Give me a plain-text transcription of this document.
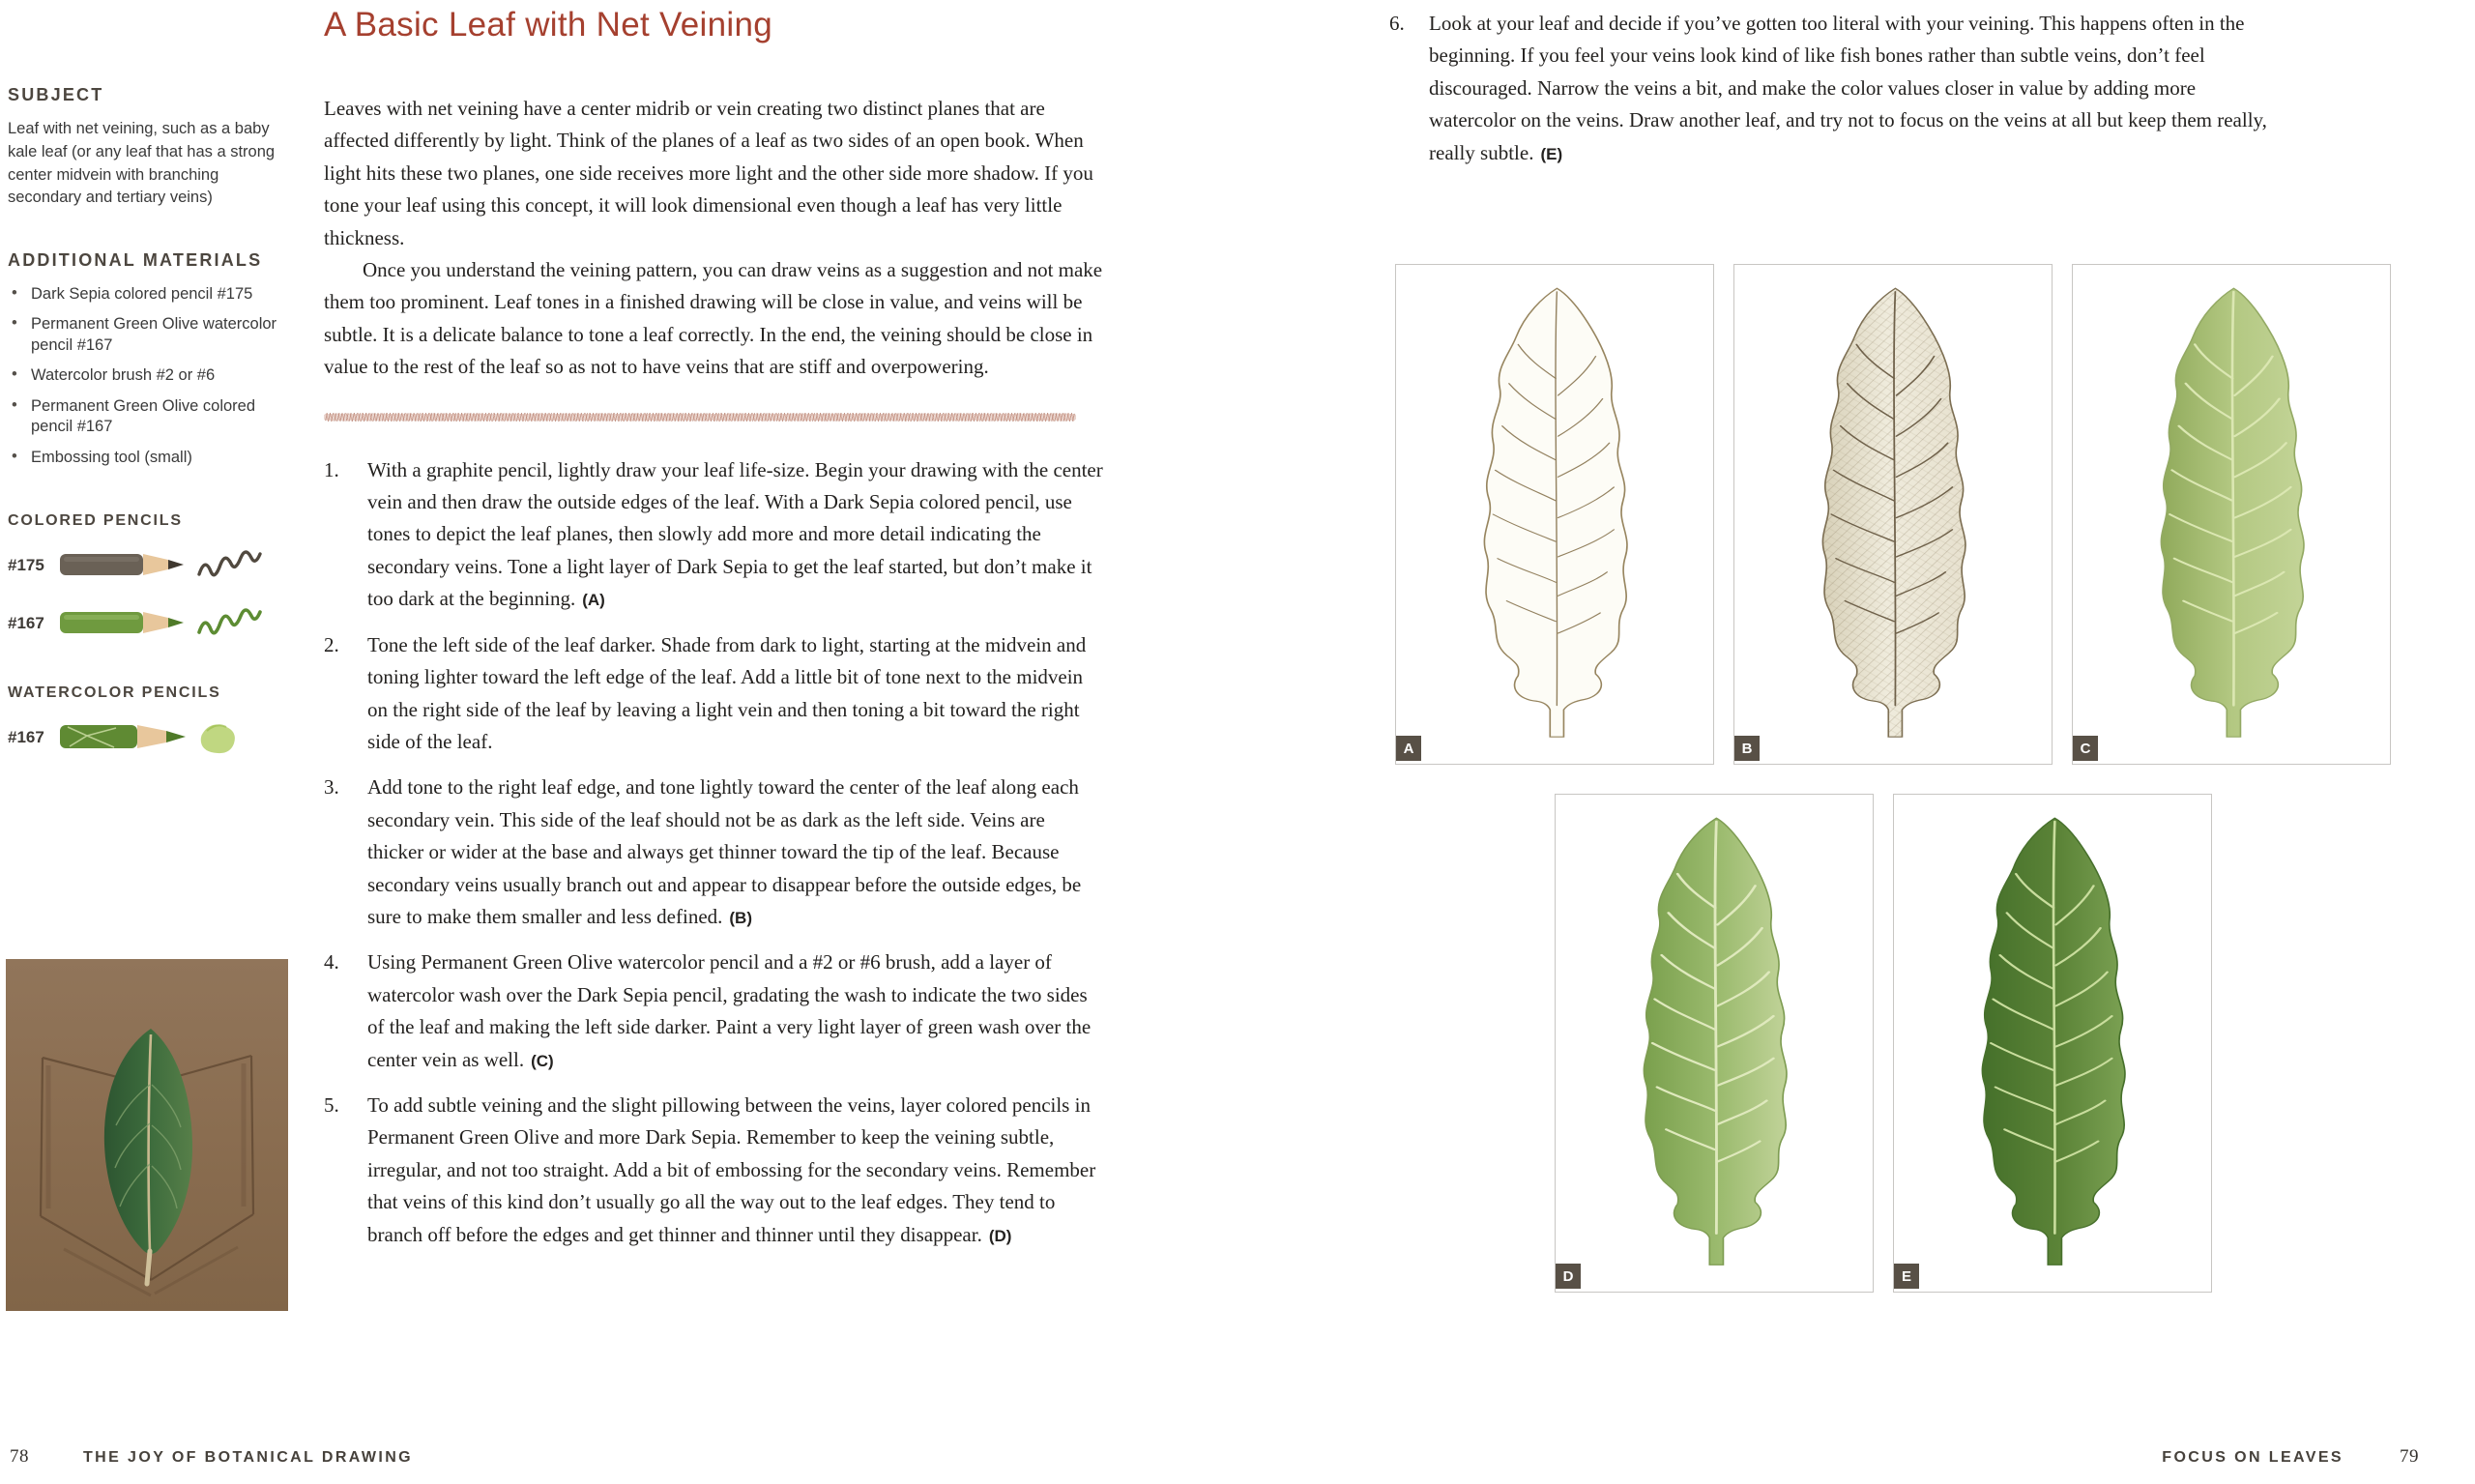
SUBJECT

Leaf with net veining, such as a baby kale leaf (or any leaf that has a strong center midvein with branching secondary and tertiary veins)

ADDITIONAL MATERIALS
• Dark Sepia colored pencil #175
• Permanent Green Olive watercolor pencil #167
• Watercolor brush #2 or #6
• Permanent Green Olive colored pencil #167
• Embossing tool (small)
COLORED PENCILS
#175
#167
WATERCOLOR PENCILS
#167
A Basic Leaf with Net Veining

Leaves with net veining have a center midrib or vein creating two distinct planes that are affected differently by light. Think of the planes of a leaf as two sides of an open book. When light hits these two planes, one side receives more light and the other side more shadow. If you tone your leaf using this concept, it will look dimensional even though a leaf has very little thickness.

Once you understand the veining pattern, you can draw veins as a suggestion and not make them too prominent. Leaf tones in a finished drawing will be close in value, and veins will be subtle. It is a delicate balance to tone a leaf correctly. In the end, the veining should be close in value to the rest of the leaf so as not to have veins that are stiff and overpowering.

1. With a graphite pencil, lightly draw your leaf life-size. Begin your drawing with the center vein and then draw the outside edges of the leaf. With a Dark Sepia colored pencil, use tones to depict the leaf planes, then slowly add more and more detail indicating the secondary veins. Tone a light layer of Dark Sepia to get the leaf started, but don’t make it too dark at the beginning. (A)
2. Tone the left side of the leaf darker. Shade from dark to light, starting at the midvein and toning lighter toward the left edge of the leaf. Add a little bit of tone next to the midvein on the right side of the leaf by leaving a light vein and then toning a bit toward the right side of the leaf.
3. Add tone to the right leaf edge, and tone lightly toward the center of the leaf along each secondary vein. This side of the leaf should not be as dark as the left side. Veins are thicker or wider at the base and always get thinner toward the tip of the leaf. Because secondary veins usually branch out and appear to disappear before the outside edges, be sure to make them smaller and less defined. (B)
4. Using Permanent Green Olive watercolor pencil and a #2 or #6 brush, add a layer of watercolor wash over the Dark Sepia pencil, gradating the wash to indicate the two sides of the leaf and making the left side darker. Paint a very light layer of green wash over the center vein as well. (C)
5. To add subtle veining and the slight pillowing between the veins, layer colored pencils in Permanent Green Olive and more Dark Sepia. Remember to keep the veining subtle, irregular, and not too straight. Add a bit of embossing for the secondary veins. Remember that veins of this kind don’t usually go all the way out to the leaf edges. They tend to branch off before the edges and get thinner and thinner until they disappear. (D)
6. Look at your leaf and decide if you’ve gotten too literal with your veining. This happens often in the beginning. If you feel your veins look kind of like fish bones rather than subtle veins, don’t feel discouraged. Narrow the veins a bit, and make the color values closer in value by adding more watercolor on the veins. Draw another leaf, and try not to focus on the veins at all but keep them really, really subtle. (E)
A	B	C
D	E
78	THE JOY OF BOTANICAL DRAWING	FOCUS ON LEAVES	79
